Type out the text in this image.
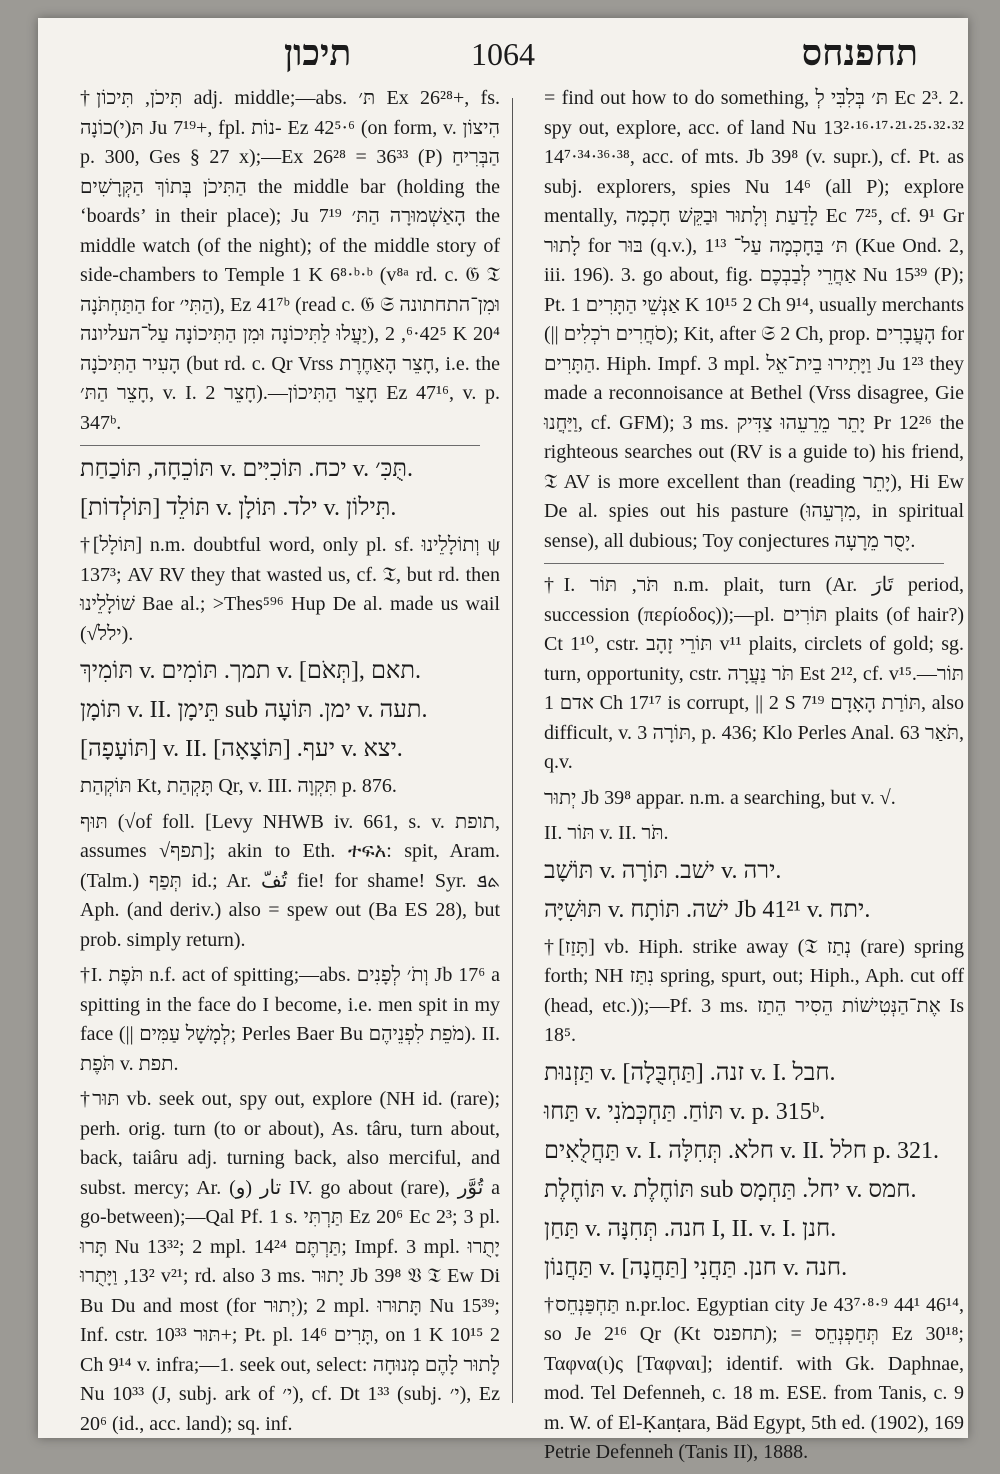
תיכון	1064	תחפנחס

†תִּיכֹן, תִּיכוֹן adj. middle;—abs. תּ׳ Ex 26²⁸+, fs. תּ(י)כוֹנָה Ju 7¹⁹+, fpl. נוֹת- Ez 42⁵·⁶ (on form, v. הִיצוֹן p. 300, Ges § 27 x);—Ex 26²⁸ = 36³³ (P) הַבְּרִיחַ הַתִּיכֹן בְּתוֹךְ הַקְּרָשִׁים the middle bar (holding the ‘boards’ in their place); Ju 7¹⁹ הָאַשְׁמוּרָה הַתּ׳ the middle watch (of the night); of the middle story of side-chambers to Temple 1 K 6⁸·ᵇ·ᵇ (v⁸ᵃ rd. c. 𝔊 𝔗 הַתַּחְתֹּנָה for הַתִּי׳), Ez 41⁷ᵇ (read c. 𝔊 𝔖 וּמִן־התחתונה יַעֲלוּ לַתִּיכוֹנָה וּמִן הַתִּיכוֹנָה עַל־העליונה), 42⁵·⁶, 2 K 20⁴ הָעִיר הַתִּיכֹנָה (but rd. c. Qr Vrss חָצֵר הָאַחֶרֶת, i.e. the חָצֵר הַתּ׳, v. I. חָצֵר 2).—חָצֵר הַתִּיכוֹן Ez 47¹⁶, v. p. 347ᵇ.

תּוֹכֵחָה, תּוֹכַחַת v. יכח. תּוֹכִיִּים v. תֻּכִּ׳.

תּוֹלֵד [תּוֹלְדוֹת] v. ילד. תּוֹלָן v. תִּילוֹן.

†[תּוֹלָל] n.m. doubtful word, only pl. sf. וְתוֹלָלֵינוּ ψ 137³; AV RV they that wasted us, cf. 𝔗, but rd. then שׁוֹלָלֵינוּ Bae al.; >Thes⁵⁹⁶ Hup De al. made us wail (√ילל).

תּוֹמִיךְ v. תמך. תּוֹמִים v. [תְּאֹם], תאם.

תּוֹמָן v. II. תֵּימָן sub ימן. תּוֹעָה v. תעה.

[תּוֹעָפָה] v. II. יעף. [תּוֹצָאָה] v. יצא.

תּוֹקְהַת Kt, תָּקְהַת Qr, v. III. תִּקְוָה p. 876.

תּוּף (√of foll. [Levy NHWB iv. 661, s. v. תופת, assumes √תפף]; akin to Eth. ተፍአ: spit, Aram. (Talm.) תְּפַף id.; Ar. تُفّ fie! for shame! Syr. ܬܦ Aph. (and deriv.) also = spew out (Ba ES 28), but prob. simply return).

†I. תֹּפֶת n.f. act of spitting;—abs. וְתֹ׳ לְפָנִים Jb 17⁶ a spitting in the face do I become, i.e. men spit in my face (|| לְמָשָׁל עַמִּים; Perles Baer Bu מֹפֵת לִפְנֵיהֶם). II. תֹּפֶת v. תפת.

†תּוּר vb. seek out, spy out, explore (NH id. (rare); perh. orig. turn (to or about), As. târu, turn about, back, taiâru adj. turning back, also merciful, and subst. mercy; Ar. تار (و) IV. go about (rare), تُوَّر a go-between);—Qal Pf. 1 s. תַּרְתִּי Ez 20⁶ Ec 2³; 3 pl. תָּרוּ Nu 13³²; 2 mpl. תַּרְתֶּם 14²⁴; Impf. 3 mpl. יָתֻרוּ 13², וַיָּתֻרוּ v²¹; rd. also 3 ms. יָתוּר Jb 39⁸ 𝔙 𝔗 Ew Di Bu Du and most (for יְתוּר); 2 mpl. תָּתוּרוּ Nu 15³⁹; Inf. cstr. תּוּר 10³³+; Pt. pl. תָּרִים 14⁶, on 1 K 10¹⁵ 2 Ch 9¹⁴ v. infra;—1. seek out, select: לָתוּר לָהֶם מְנוּחָה Nu 10³³ (J, subj. ark of י׳), cf. Dt 1³³ (subj. י׳), Ez 20⁶ (id., acc. land); sq. inf.

= find out how to do something, תּ׳ בְּלִבִּי לְ Ec 2³. 2. spy out, explore, acc. of land Nu 13²·¹⁶·¹⁷·²¹·²⁵·³²·³² 14⁷·³⁴·³⁶·³⁸, acc. of mts. Jb 39⁸ (v. supr.), cf. Pt. as subj. explorers, spies Nu 14⁶ (all P); explore mentally, לָדַעַת וְלָתוּר וּבַקֵּשׁ חָכְמָה Ec 7²⁵, cf. 9¹ Gr לָתוּר for בּוּר (q.v.), 1¹³ תּ׳ בַּחָכְמָה עַל־ (Kue Ond. 2, iii. 196). 3. go about, fig. אַחֲרֵי לְבַבְכֶם Nu 15³⁹ (P); Pt. אַנְשֵׁי הַתָּרִים 1 K 10¹⁵ 2 Ch 9¹⁴, usually merchants (|| סֹחֲרִים רֹכְלִים); Kit, after 𝔖 2 Ch, prop. הָעֲבָרִים for הַתָּרִים. Hiph. Impf. 3 mpl. וַיָּתִירוּ בֵית־אֵל Ju 1²³ they made a reconnoisance at Bethel (Vrss disagree, Gie וַיַּחֲנוּ, cf. GFM); 3 ms. יָתֵר מֵרֵעֵהוּ צַדִּיק Pr 12²⁶ the righteous searches out (RV is a guide to) his friend, 𝔗 AV is more excellent than (reading יָתֵר), Hi Ew De al. spies out his pasture (מִרְעֵהוּ, in spiritual sense), all dubious; Toy conjectures יָסֻר מֵרָעָה.

†I. תֹּר, תּוֹר n.m. plait, turn (Ar. تَارَ period, succession (περίοδος));—pl. תּוֹרִים plaits (of hair?) Ct 1¹⁰, cstr. תּוֹרֵי זָהָב v¹¹ plaits, circlets of gold; sg. turn, opportunity, cstr. תֹּר נַעֲרָה Est 2¹², cf. v¹⁵.—תּוֹר אדם 1 Ch 17¹⁷ is corrupt, || 2 S 7¹⁹ תּוֹרַת הָאָדָם, also difficult, v. תּוֹרָה 3, p. 436; Klo Perles Anal. 63 תֹּאַר, q.v.

יְתוּר Jb 39⁸ appar. n.m. a searching, but v. √.

II. תּוֹר v. II. תֹּר.

תּוֹשָׁב v. ישׁב. תּוֹרָה v. ירה.

תּוּשִׁיָּה v. ישׁה. תּוֹתָח Jb 41²¹ v. יתח.

†[תָּזַז] vb. Hiph. strike away (𝔗 נְתַז (rare) spring forth; NH נִתַּז spring, spurt, out; Hiph., Aph. cut off (head, etc.));—Pf. 3 ms. אֶת־הַנְּטִישׁוֹת הֵסִיר הֵתַז Is 18⁵.

תַּזְנוּת v. זנה. [תַּחְבֻּלָה] v. I. חבל.

תַּחוּ v. תּוֹחַ. תַּחְכְּמֹנִי v. p. 315ᵇ.

תַּחֲלֻאִים v. I. חלא. תְּחִלָּה v. II. חלל p. 321.

תּוֹחֶלֶת v. תּוֹחֶלֶת sub יחל. תַּחְמָס v. חמס.

תַּחַן v. חנה. תְּחִנָּה I, II. v. I. חנן.

תַּחֲנוֹן v. חנן. תַּחֲנִי [תַּחֲנָה] v. חנה.

†תַּחְפַּנְחֵס n.pr.loc. Egyptian city Je 43⁷·⁸·⁹ 44¹ 46¹⁴, so Je 2¹⁶ Qr (Kt תחפנס); = תְּחַפְנְחֵס Ez 30¹⁸; Ταφνα(ι)ς [Ταφναι]; identif. with Gk. Daphnae, mod. Tel Defenneh, c. 18 m. ESE. from Tanis, c. 9 m. W. of El-Ḳanṭara, Bäd Egypt, 5th ed. (1902), 169 Petrie Defenneh (Tanis II), 1888.
